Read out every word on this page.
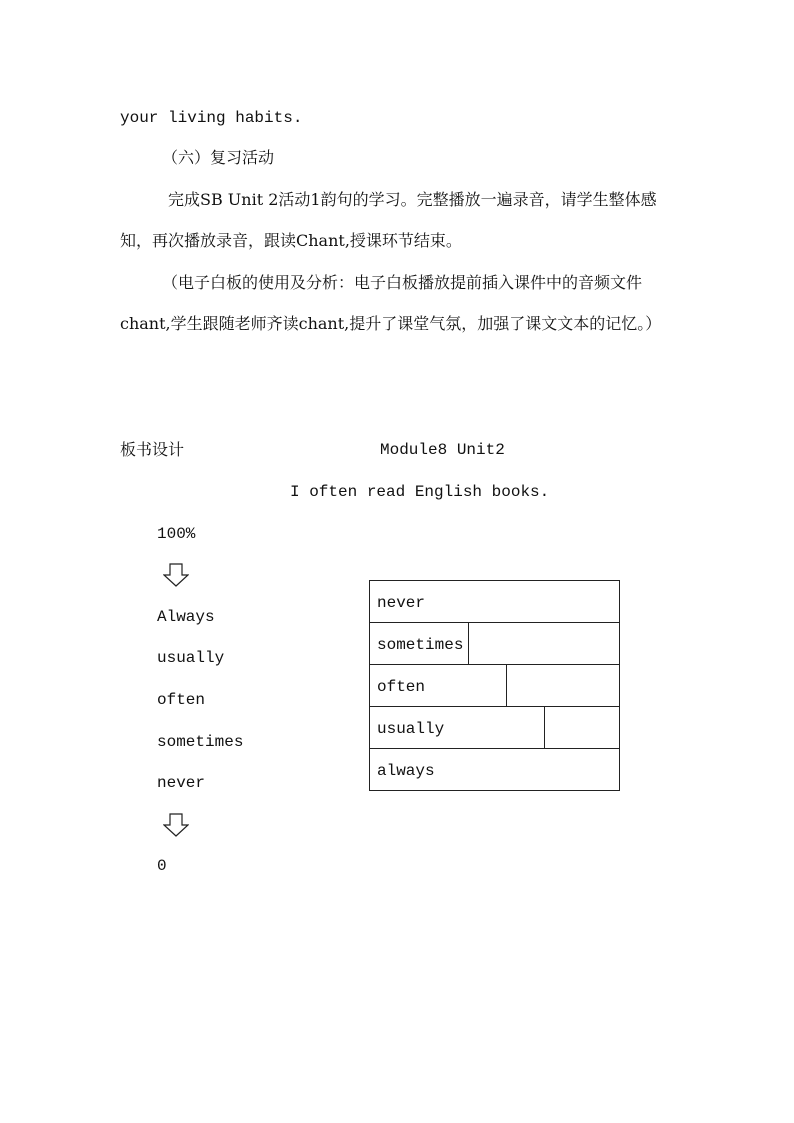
your living habits.
（六）复习活动
完成SB Unit 2活动1韵句的学习。完整播放一遍录音，请学生整体感知，再次播放录音，跟读Chant,授课环节结束。
（电子白板的使用及分析：电子白板播放提前插入课件中的音频文件chant,学生跟随老师齐读chant,提升了课堂气氛，加强了课文文本的记忆。）
板书设计	Module8 Unit2
I often read English books.
100%
Always
usually
often
sometimes
never
0
never
sometimes
often
usually
always
